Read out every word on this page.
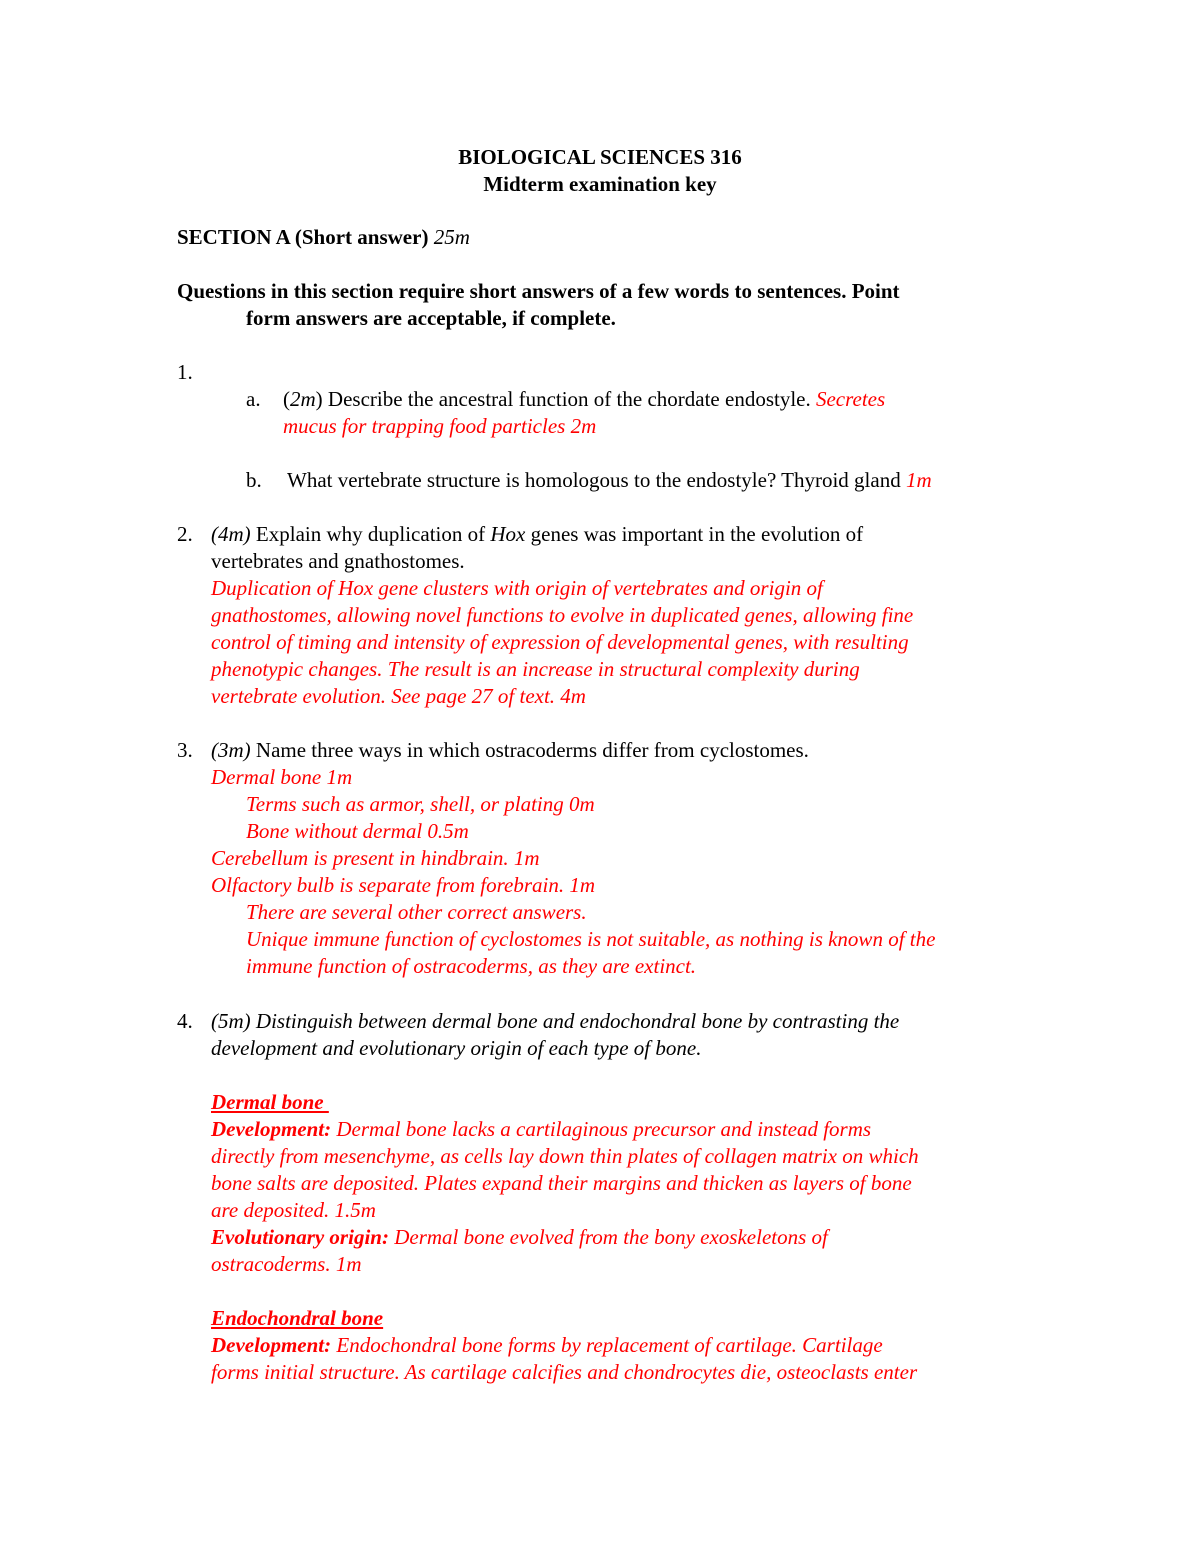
BIOLOGICAL SCIENCES 316
Midterm examination key
SECTION A (Short answer) 25m
Questions in this section require short answers of a few words to sentences. Point
form answers are acceptable, if complete.
1.
a. (2m) Describe the ancestral function of the chordate endostyle. Secretes
mucus for trapping food particles 2m
b. What vertebrate structure is homologous to the endostyle? Thyroid gland 1m
2. (4m) Explain why duplication of Hox genes was important in the evolution of
vertebrates and gnathostomes.
Duplication of Hox gene clusters with origin of vertebrates and origin of
gnathostomes, allowing novel functions to evolve in duplicated genes, allowing fine
control of timing and intensity of expression of developmental genes, with resulting
phenotypic changes. The result is an increase in structural complexity during
vertebrate evolution. See page 27 of text. 4m
3. (3m) Name three ways in which ostracoderms differ from cyclostomes.
Dermal bone 1m
Terms such as armor, shell, or plating 0m
Bone without dermal 0.5m
Cerebellum is present in hindbrain. 1m
Olfactory bulb is separate from forebrain. 1m
There are several other correct answers.
Unique immune function of cyclostomes is not suitable, as nothing is known of the
immune function of ostracoderms, as they are extinct.
4. (5m) Distinguish between dermal bone and endochondral bone by contrasting the
development and evolutionary origin of each type of bone.
Dermal bone
Development: Dermal bone lacks a cartilaginous precursor and instead forms
directly from mesenchyme, as cells lay down thin plates of collagen matrix on which
bone salts are deposited. Plates expand their margins and thicken as layers of bone
are deposited. 1.5m
Evolutionary origin: Dermal bone evolved from the bony exoskeletons of
ostracoderms. 1m
Endochondral bone
Development: Endochondral bone forms by replacement of cartilage. Cartilage
forms initial structure. As cartilage calcifies and chondrocytes die, osteoclasts enter
